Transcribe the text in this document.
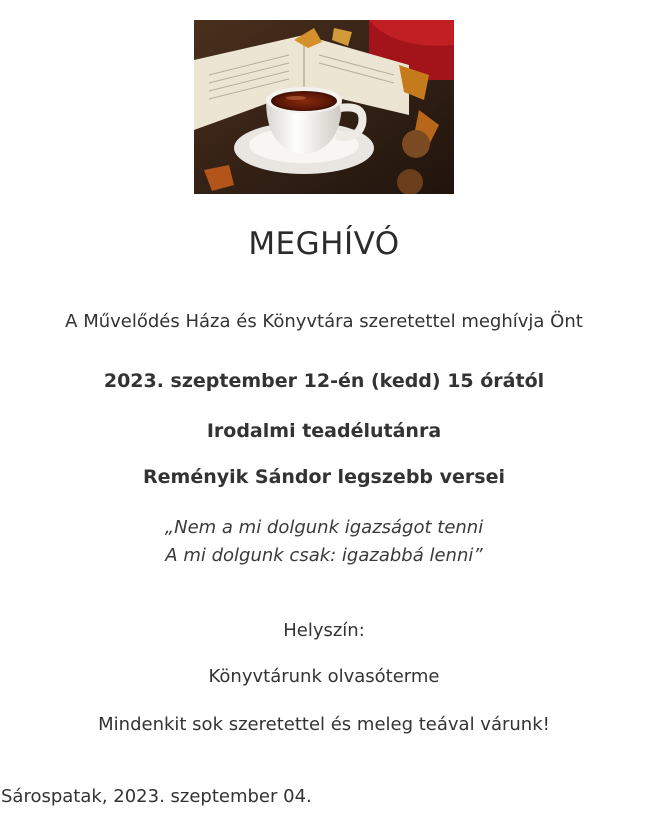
MEGHÍVÓ
A Művelődés Háza és Könyvtára szeretettel meghívja Önt
2023. szeptember 12-én (kedd) 15 órától
Irodalmi teadélutánra
Reményik Sándor legszebb versei
„Nem a mi dolgunk igazságot tenni
A mi dolgunk csak: igazabbá lenni”
Helyszín:
Könyvtárunk olvasóterme
Mindenkit sok szeretettel és meleg teával várunk!
Sárospatak, 2023. szeptember 04.
